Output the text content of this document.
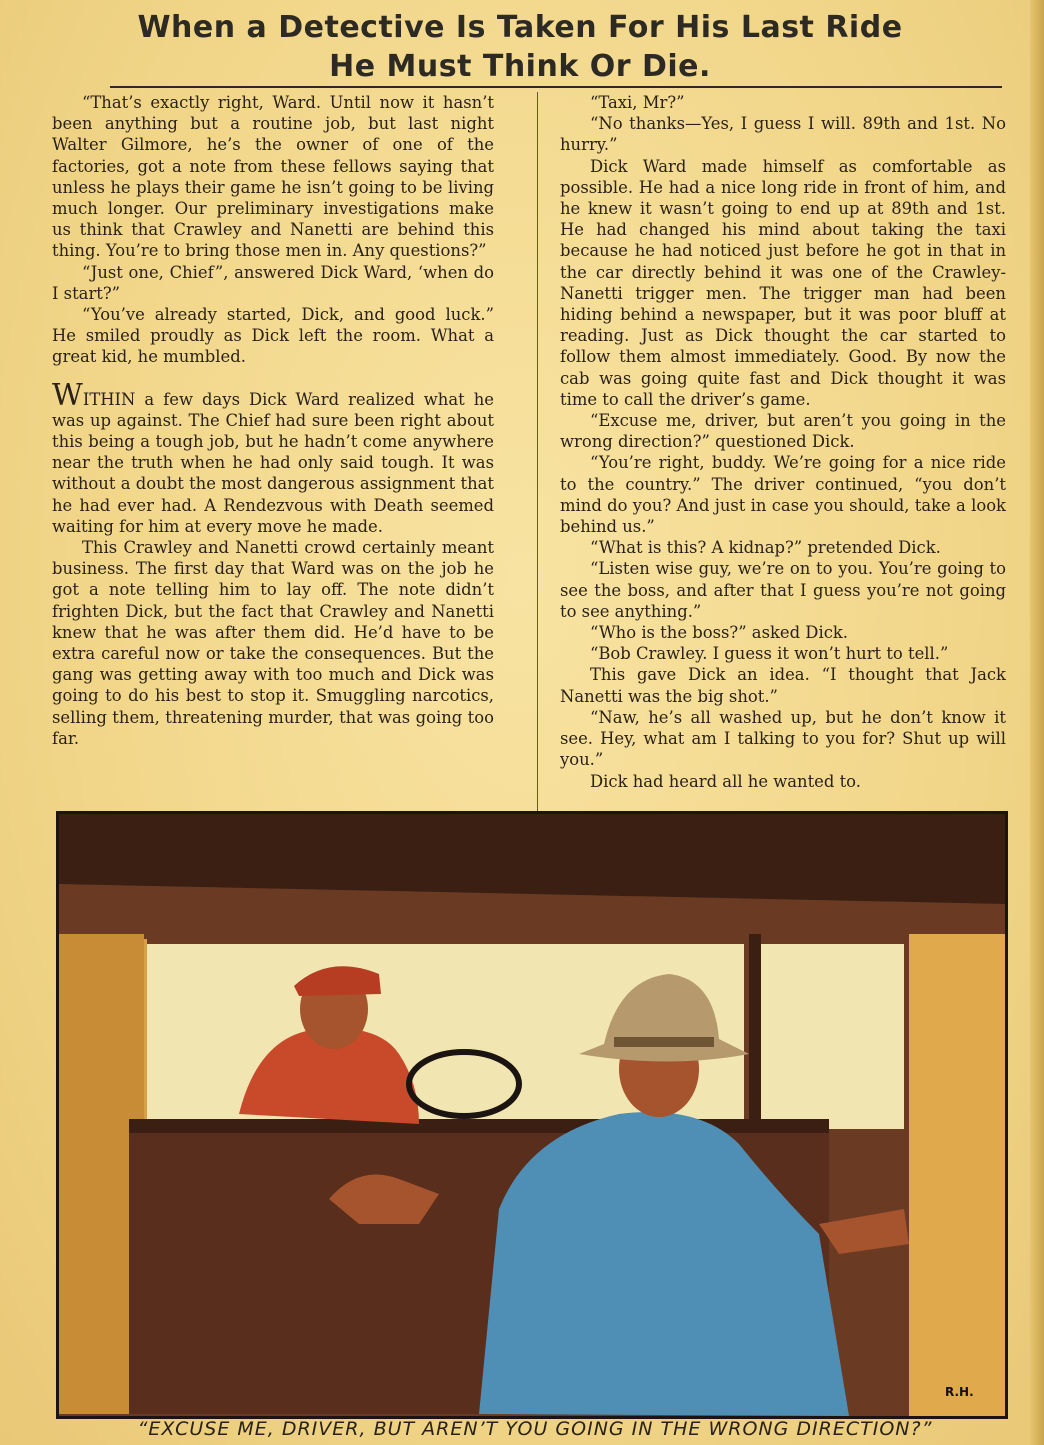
When a Detective Is Taken For His Last Ride
He Must Think Or Die.

“That’s exactly right, Ward. Until now it hasn’t been anything but a routine job, but last night Walter Gilmore, he’s the owner of one of the factories, got a note from these fellows saying that unless he plays their game he isn’t going to be living much longer. Our preliminary investigations make us think that Crawley and Nanetti are behind this thing. You’re to bring those men in. Any questions?”

“Just one, Chief”, answered Dick Ward, ‘when do I start?”

“You’ve already started, Dick, and good luck.” He smiled proudly as Dick left the room. What a great kid, he mumbled.

WITHIN a few days Dick Ward realized what he was up against. The Chief had sure been right about this being a tough job, but he hadn’t come anywhere near the truth when he had only said tough. It was without a doubt the most dangerous assignment that he had ever had. A Rendezvous with Death seemed waiting for him at every move he made.

This Crawley and Nanetti crowd certainly meant business. The first day that Ward was on the job he got a note telling him to lay off. The note didn’t frighten Dick, but the fact that Crawley and Nanetti knew that he was after them did. He’d have to be extra careful now or take the consequences. But the gang was getting away with too much and Dick was going to do his best to stop it. Smuggling narcotics, selling them, threatening murder, that was going too far.

“Taxi, Mr?”

“No thanks—Yes, I guess I will. 89th and 1st. No hurry.”

Dick Ward made himself as comfortable as possible. He had a nice long ride in front of him, and he knew it wasn’t going to end up at 89th and 1st. He had changed his mind about taking the taxi because he had noticed just before he got in that in the car directly behind it was one of the Crawley-Nanetti trigger men. The trigger man had been hiding behind a newspaper, but it was poor bluff at reading. Just as Dick thought the car started to follow them almost immediately. Good. By now the cab was going quite fast and Dick thought it was time to call the driver’s game.

“Excuse me, driver, but aren’t you going in the wrong direction?” questioned Dick.

“You’re right, buddy. We’re going for a nice ride to the country.” The driver continued, “you don’t mind do you? And just in case you should, take a look behind us.”

“What is this? A kidnap?” pretended Dick.

“Listen wise guy, we’re on to you. You’re going to see the boss, and after that I guess you’re not going to see anything.”

“Who is the boss?” asked Dick.

“Bob Crawley. I guess it won’t hurt to tell.”

This gave Dick an idea. “I thought that Jack Nanetti was the big shot.”

“Naw, he’s all washed up, but he don’t know it see. Hey, what am I talking to you for? Shut up will you.”

Dick had heard all he wanted to.

R.H.
“EXCUSE ME, DRIVER, BUT AREN’T YOU GOING IN THE WRONG DIRECTION?”
